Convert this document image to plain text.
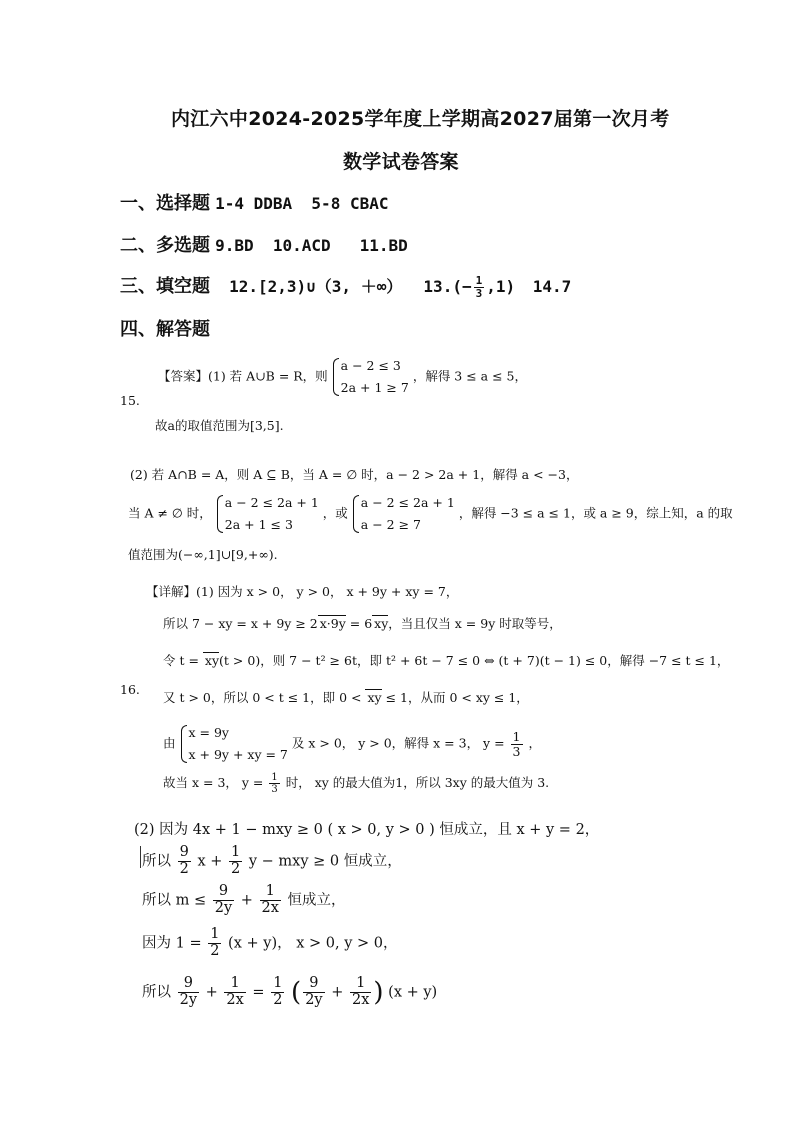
内江六中2024-2025学年度上学期高2027届第一次月考
数学试卷答案
一、选择题 1-4 DDBA  5-8 CBAC
二、多选题 9.BD  10.ACD   11.BD
三、填空题 12.[2,3)∪（3, ＋∞） $13.(- \frac{1}{3} ,1)$ 14.7
四、解答题
15.
【答案】(1) 若 A∪B = R，则
a − 2 ≤ 3
2a + 1 ≥ 7
，解得 3 ≤ a ≤ 5，
故a的取值范围为[3,5].
(2) 若 A∩B = A，则 A ⊆ B，当 A = ∅ 时，a − 2 > 2a + 1，解得 a < −3，
当 A ≠ ∅ 时，
a − 2 ≤ 2a + 1
2a + 1 ≤ 3
，或
a − 2 ≤ 2a + 1
a − 2 ≥ 7
，解得 −3 ≤ a ≤ 1，或 a ≥ 9，综上知，a 的取
值范围为(−∞,1]∪[9,+∞).
16.
【详解】(1) 因为 x > 0， y > 0， x + 9y + xy = 7，
所以 7 − xy = x + 9y ≥ 2 x·9y = 6 xy，当且仅当 x = 9y 时取等号，
令 t = xy(t > 0)，则 7 − t² ≥ 6t，即 t² + 6t − 7 ≤ 0 ⇔ (t + 7)(t − 1) ≤ 0，解得 −7 ≤ t ≤ 1，
又 t > 0，所以 0 < t ≤ 1，即 0 < xy ≤ 1，从而 0 < xy ≤ 1，
由
x = 9y
x + 9y + xy = 7
及 x > 0， y > 0，解得 x = 3， $y = \frac{1}{3}$ ，
故当 x = 3， $y = \frac{1}{3}$ 时， xy 的最大值为1，所以 3xy 的最大值为 3.
(2) 因为 4x + 1 − mxy ≥ 0 ( x > 0, y > 0 ) 恒成立，且 x + y = 2，
所以 $\frac{9}{2}$ $x + \frac{1}{2}$ y − mxy ≥ 0 恒成立，
所以 $m \le \frac{9}{2y} + \frac{1}{2x}$ 恒成立，
因为 $1 = \frac{1}{2} (x + y)$， x > 0, y > 0，
所以 $\frac{9}{2y} + \frac{1}{2x} = \frac{1}{2}$ ( $\frac{9}{2y} + \frac{1}{2x}$ ) (x + y)
